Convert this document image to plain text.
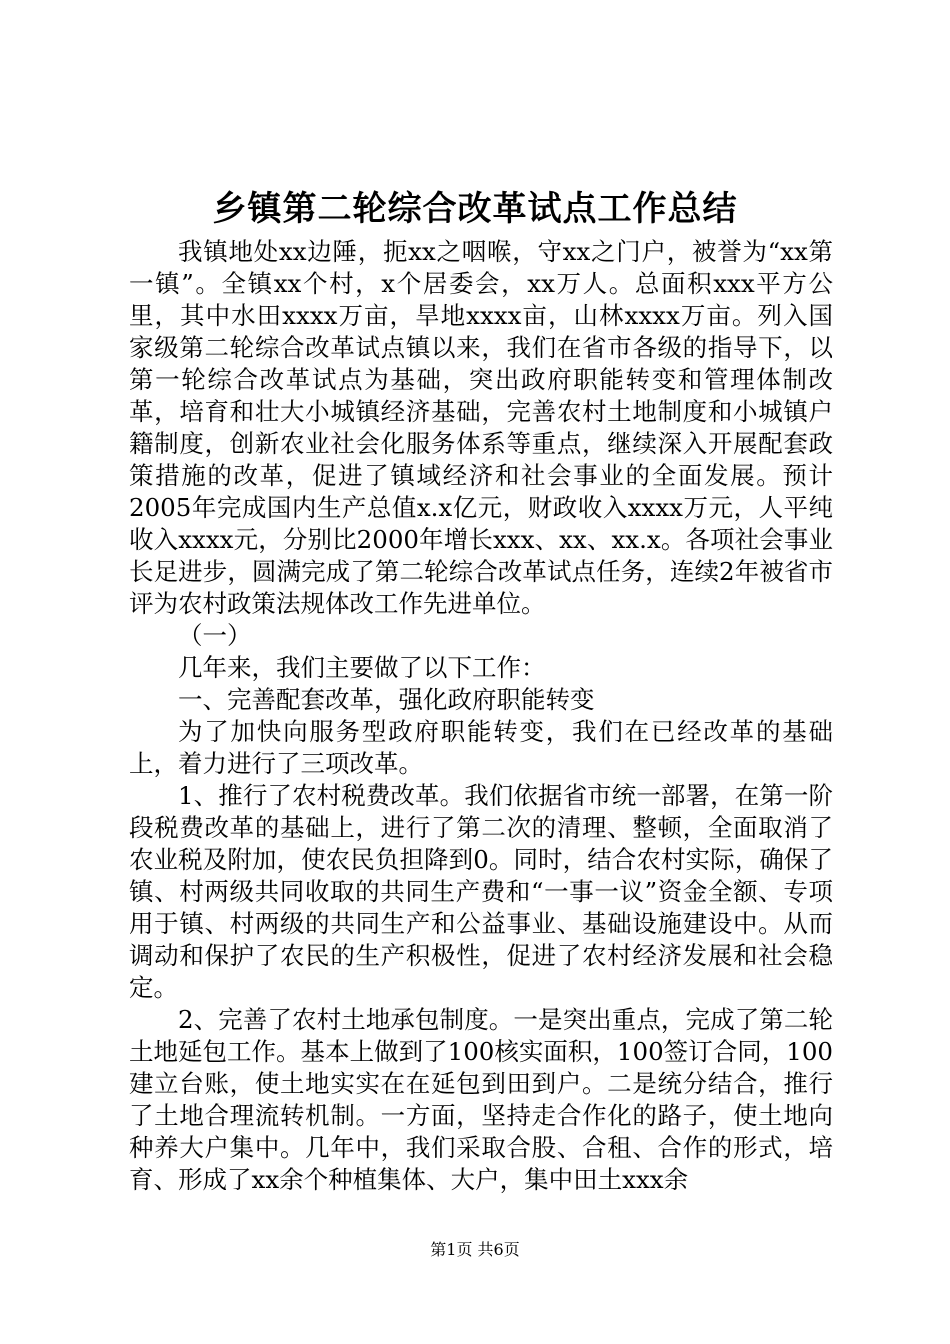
乡镇第二轮综合改革试点工作总结

我镇地处xx边陲，扼xx之咽喉，守xx之门户，被誉为“xx第一镇”。全镇xx个村，x个居委会，xx万人。总面积xxx平方公里，其中水田xxxx万亩，旱地xxxx亩，山林xxxx万亩。列入国家级第二轮综合改革试点镇以来，我们在省市各级的指导下，以第一轮综合改革试点为基础，突出政府职能转变和管理体制改革，培育和壮大小城镇经济基础，完善农村土地制度和小城镇户籍制度，创新农业社会化服务体系等重点，继续深入开展配套政策措施的改革，促进了镇域经济和社会事业的全面发展。预计2005年完成国内生产总值x.x亿元，财政收入xxxx万元，人平纯收入xxxx元，分别比2000年增长xxx、xx、xx.x。各项社会事业长足进步，圆满完成了第二轮综合改革试点任务，连续2年被省市评为农村政策法规体改工作先进单位。

（一）

几年来，我们主要做了以下工作：

一、完善配套改革，强化政府职能转变

为了加快向服务型政府职能转变，我们在已经改革的基础上，着力进行了三项改革。

1、推行了农村税费改革。我们依据省市统一部署，在第一阶段税费改革的基础上，进行了第二次的清理、整顿，全面取消了农业税及附加，使农民负担降到0。同时，结合农村实际，确保了镇、村两级共同收取的共同生产费和“一事一议”资金全额、专项用于镇、村两级的共同生产和公益事业、基础设施建设中。从而调动和保护了农民的生产积极性，促进了农村经济发展和社会稳定。

2、完善了农村土地承包制度。一是突出重点，完成了第二轮土地延包工作。基本上做到了100核实面积，100签订合同，100建立台账，使土地实实在在延包到田到户。二是统分结合，推行了土地合理流转机制。一方面，坚持走合作化的路子，使土地向种养大户集中。几年中，我们采取合股、合租、合作的形式，培育、形成了xx余个种植集体、大户，集中田土xxx余

第1页 共6页
